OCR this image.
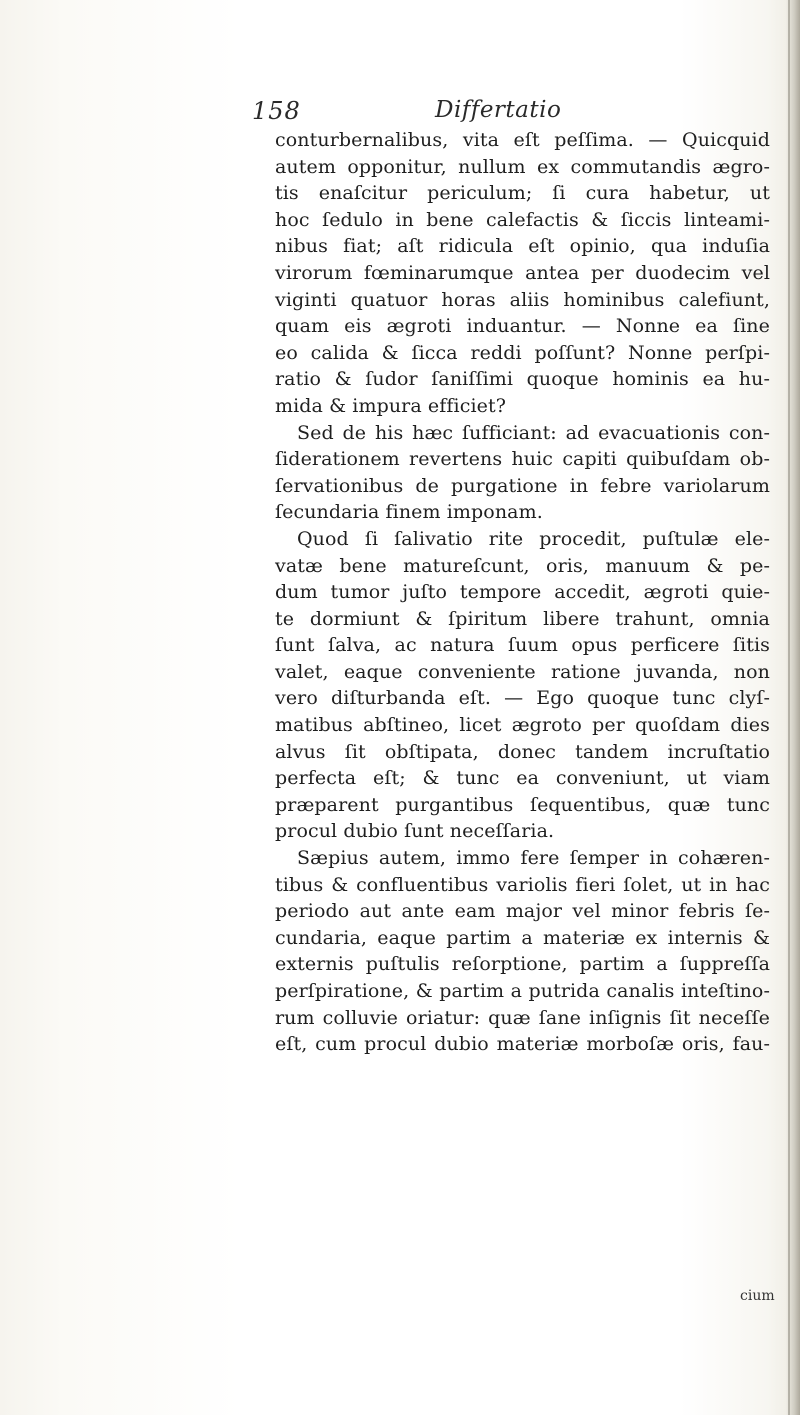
158	Differtatio
conturbernalibus, vita eſt peſſima. — Quicquid
autem opponitur, nullum ex commutandis ægro-
tis enaſcitur periculum; ſi cura habetur, ut
hoc ſedulo in bene calefactis & ſiccis linteami-
nibus fiat; aſt ridicula eſt opinio, qua induſia
virorum fœminarumque antea per duodecim vel
viginti quatuor horas aliis hominibus calefiunt,
quam eis ægroti induantur. — Nonne ea ſine
eo calida & ſicca reddi poſſunt? Nonne perſpi-
ratio & ſudor ſaniſſimi quoque hominis ea hu-
mida & impura efficiet?
Sed de his hæc ſufficiant: ad evacuationis con-
ſiderationem revertens huic capiti quibuſdam ob-
ſervationibus de purgatione in febre variolarum
ſecundaria finem imponam.
Quod ſi ſalivatio rite procedit, puſtulæ ele-
vatæ bene matureſcunt, oris, manuum & pe-
dum tumor juſto tempore accedit, ægroti quie-
te dormiunt & ſpiritum libere trahunt, omnia
ſunt ſalva, ac natura ſuum opus perficere ſitis
valet, eaque conveniente ratione juvanda, non
vero diſturbanda eſt. — Ego quoque tunc clyſ-
matibus abſtineo, licet ægroto per quoſdam dies
alvus ſit obſtipata, donec tandem incruſtatio
perfecta eſt; & tunc ea conveniunt, ut viam
præparent purgantibus ſequentibus, quæ tunc
procul dubio ſunt neceſſaria.
Sæpius autem, immo fere ſemper in cohæren-
tibus & confluentibus variolis fieri ſolet, ut in hac
periodo aut ante eam major vel minor febris ſe-
cundaria, eaque partim a materiæ ex internis &
externis puſtulis reſorptione, partim a ſuppreſſa
perſpiratione, & partim a putrida canalis inteſtino-
rum colluvie oriatur: quæ ſane inſignis ſit neceſſe
eſt, cum procul dubio materiæ morboſæ oris, fau-
cium
